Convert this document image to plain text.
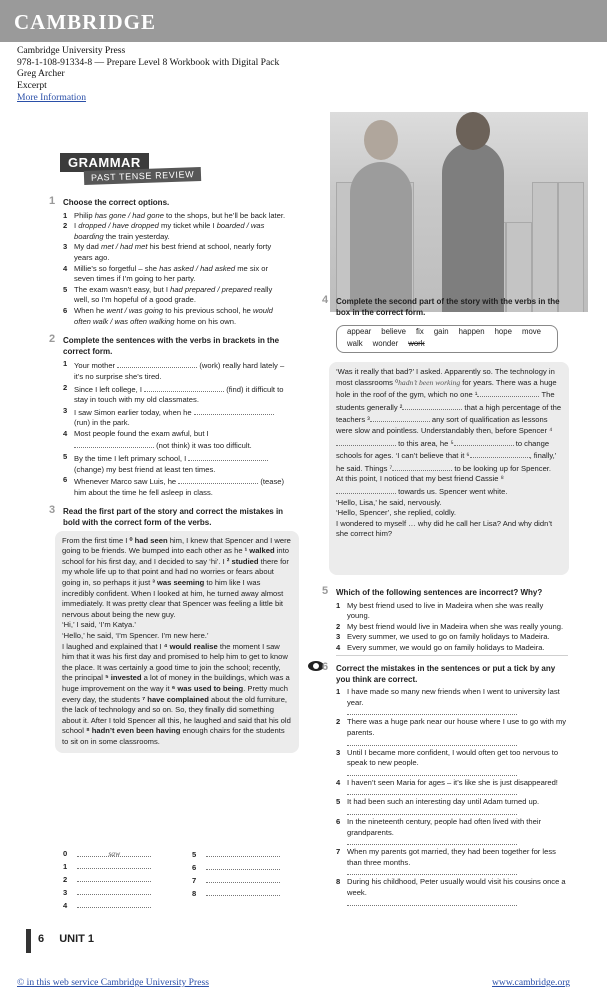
CAMBRIDGE
Cambridge University Press
978-1-108-91334-8 — Prepare Level 8 Workbook with Digital Pack
Greg Archer
Excerpt
More Information
GRAMMAR
PAST TENSE REVIEW
1 Choose the correct options.
1 Philip has gone / had gone to the shops, but he’ll be back later.
2 I dropped / have dropped my ticket while I boarded / was boarding the train yesterday.
3 My dad met / had met his best friend at school, nearly forty years ago.
4 Millie’s so forgetful – she has asked / had asked me six or seven times if I’m going to her party.
5 The exam wasn’t easy, but I had prepared / prepared really well, so I’m hopeful of a good grade.
6 When he went / was going to his previous school, he would often walk / was often walking home on his own.
2 Complete the sentences with the verbs in brackets in the correct form.
1 Your mother	(work) really hard lately – it’s no surprise she’s tired.
2 Since I left college, I	(find) it difficult to stay in touch with my old classmates.
3 I saw Simon earlier today, when he  (run) in the park.
4 Most people found the exam awful, but I  (not think) it was too difficult.
5 By the time I left primary school, I  (change) my best friend at least ten times.
6 Whenever Marco saw Luis, he	(tease) him about the time he fell asleep in class.
3 Read the first part of the story and correct the mistakes in bold with the correct form of the verbs.
From the first time I ⁰ had seen him, I knew that Spencer and I were going to be friends. We bumped into each other as he ¹ walked into school for his first day, and I decided to say ‘hi’. I ² studied there for my whole life up to that point and had no worries or fears about going in, so perhaps it just ³ was seeming to him like I was incredibly confident. When I looked at him, he turned away almost immediately. It was pretty clear that Spencer was feeling a little bit nervous about being the new guy.
‘Hi,’ I said, ‘I’m Katya.’
‘Hello,’ he said, ‘I’m Spencer. I’m new here.’
I laughed and explained that I ⁴ would realise the moment I saw him that it was his first day and promised to help him to get to know the place. It was certainly a good time to join the school; recently, the principal ⁵ invested a lot of money in the buildings, which was a huge improvement on the way it ⁶ was used to being. Pretty much every day, the students ⁷ have complained about the old furniture, the lack of technology and so on. So, they finally did something about it. After I told Spencer all this, he laughed and said that his old school ⁸ hadn’t even been having enough chairs for the students to sit on in some classrooms.
0	saw
1
2
3
4
5
6
7
8
4 Complete the second part of the story with the verbs in the box in the correct form.
appear believe fix gain happen hope movewalk wonder work
‘Was it really that bad?’ I asked. Apparently so. The technology in most classrooms ⁰hadn’t been working for years. There was a huge hole in the roof of the gym, which no one ¹	. The students generally ²	that a high percentage of the teachers ³	any sort of qualification as lessons were slow and pointless. Understandably then, before Spencer ⁴ to this area, he ⁵	to change schools for ages. ‘I can’t believe that it ⁶	, finally,’ he said. Things ⁷	to be looking up for Spencer.
At this point, I noticed that my best friend Cassie ⁸ towards us. Spencer went white.
‘Hello, Lisa,’ he said, nervously.
‘Hello, Spencer’, she replied, coldly.
I wondered to myself … why did he call her Lisa? And why didn’t she correct him?
5 Which of the following sentences are incorrect? Why?
1 My best friend used to live in Madeira when she was really young.
2 My best friend would live in Madeira when she was really young.
3 Every summer, we used to go on family holidays to Madeira.
4 Every summer, we would go on family holidays to Madeira.
6 Correct the mistakes in the sentences or put a tick by any you think are correct.
1 I have made so many new friends when I went to university last year.
2 There was a huge park near our house where I use to go with my parents.
3 Until I became more confident, I would often get too nervous to speak to new people.
4 I haven’t seen Maria for ages – it’s like she is just disappeared!
5 It had been such an interesting day until Adam turned up.
6 In the nineteenth century, people had often lived with their grandparents.
7 When my parents got married, they had been together for less than three months.
8 During his childhood, Peter usually would visit his cousins once a week.
6 UNIT 1
© in this web service Cambridge University Press	www.cambridge.org
